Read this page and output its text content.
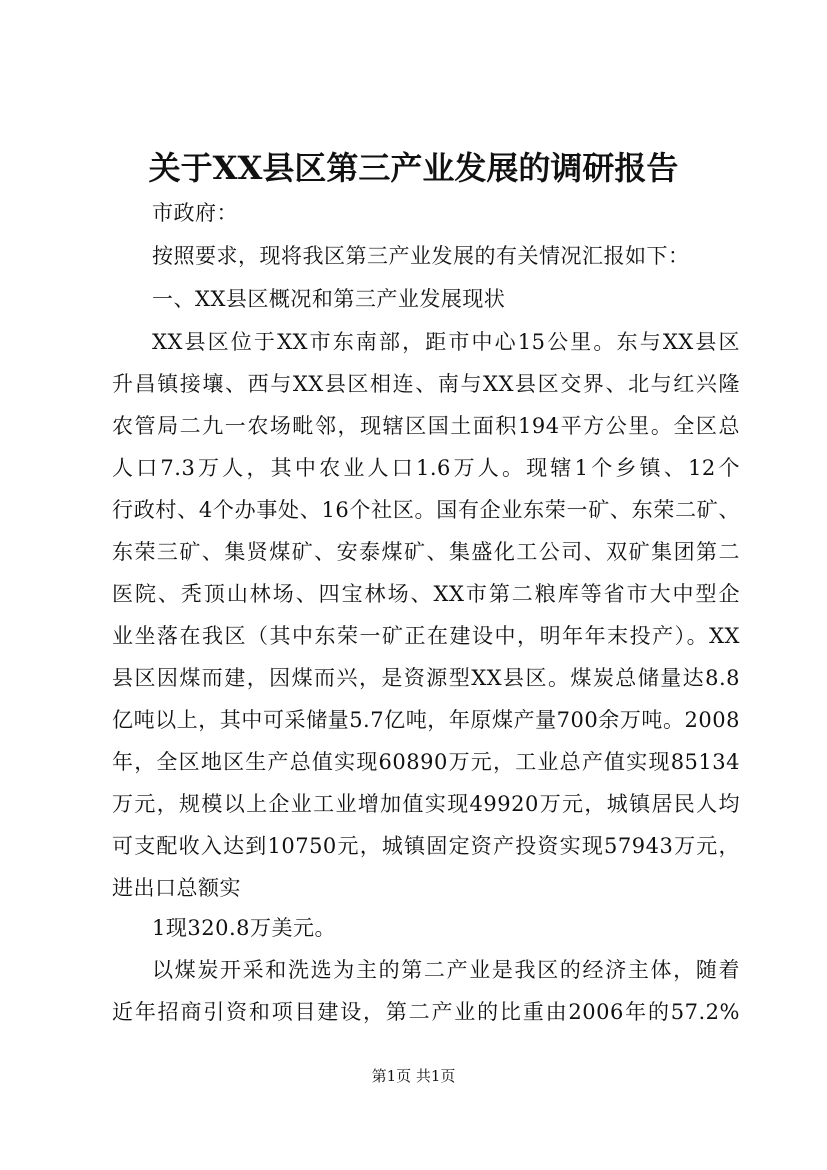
关于XX县区第三产业发展的调研报告
市政府：
按照要求，现将我区第三产业发展的有关情况汇报如下：
一、XX县区概况和第三产业发展现状
XX县区位于XX市东南部，距市中心15公里。东与XX县区
升昌镇接壤、西与XX县区相连、南与XX县区交界、北与红兴隆
农管局二九一农场毗邻，现辖区国土面积194平方公里。全区总
人口7.3万人，其中农业人口1.6万人。现辖1个乡镇、12个
行政村、4个办事处、16个社区。国有企业东荣一矿、东荣二矿、
东荣三矿、集贤煤矿、安泰煤矿、集盛化工公司、双矿集团第二
医院、秃顶山林场、四宝林场、XX市第二粮库等省市大中型企
业坐落在我区（其中东荣一矿正在建设中，明年年末投产）。XX
县区因煤而建，因煤而兴，是资源型XX县区。煤炭总储量达8.8
亿吨以上，其中可采储量5.7亿吨，年原煤产量700余万吨。2008
年，全区地区生产总值实现60890万元，工业总产值实现85134
万元，规模以上企业工业增加值实现49920万元，城镇居民人均
可支配收入达到10750元，城镇固定资产投资实现57943万元，
进出口总额实
1现320.8万美元。
以煤炭开采和洗选为主的第二产业是我区的经济主体，随着
近年招商引资和项目建设，第二产业的比重由2006年的57.2%
第1页 共1页
